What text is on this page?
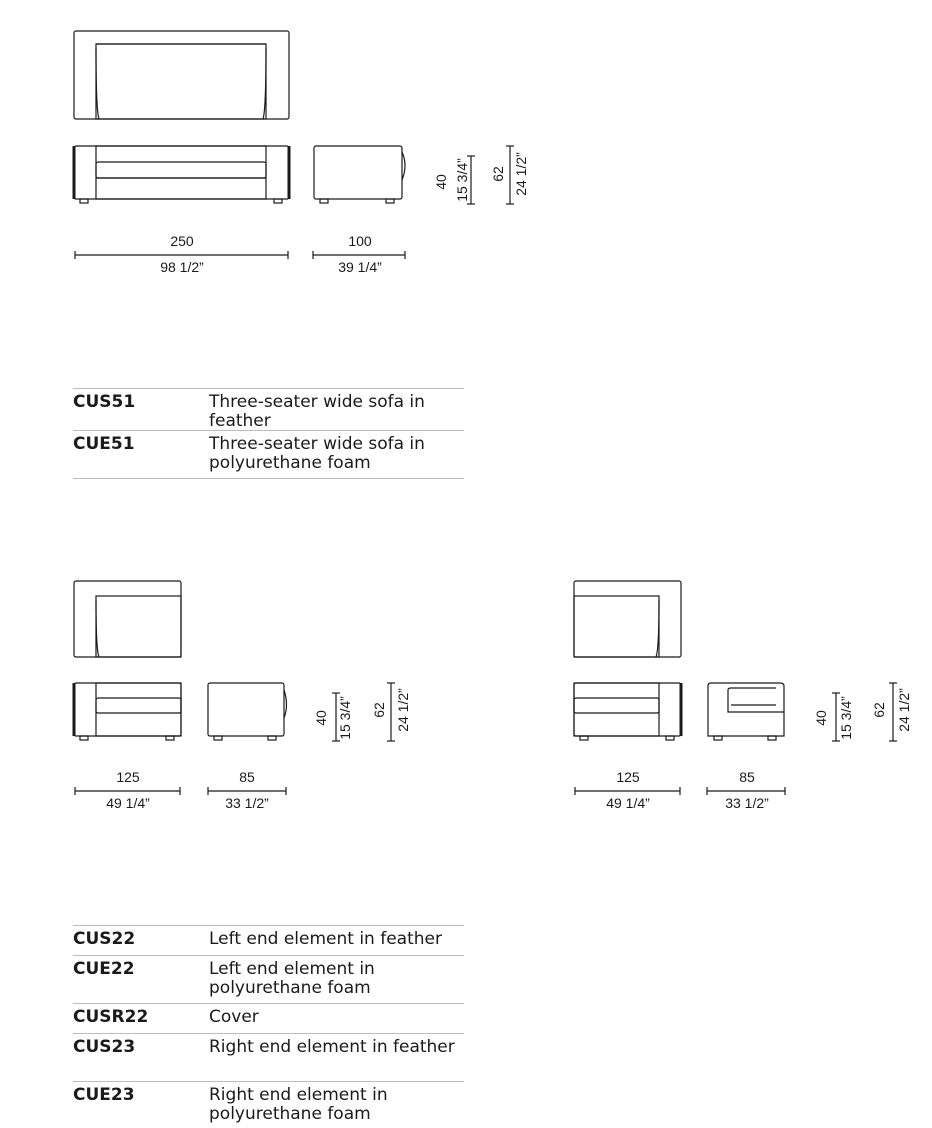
250
98 1/2”
100
39 1/4”
40 15 3/4” 62 24 1/2”
125
49 1/4”
85
33 1/2”
40 15 3/4” 62 24 1/2”
125
49 1/4”
85
33 1/2”
40 15 3/4” 62 24 1/2”
CUS51	Three-seater wide sofa in feather
CUE51	Three-seater wide sofa in polyurethane foam
CUS22	Left end element in feather
CUE22	Left end element in polyurethane foam
CUSR22	Cover
CUS23	Right end element in feather
CUE23	Right end element in polyurethane foam
